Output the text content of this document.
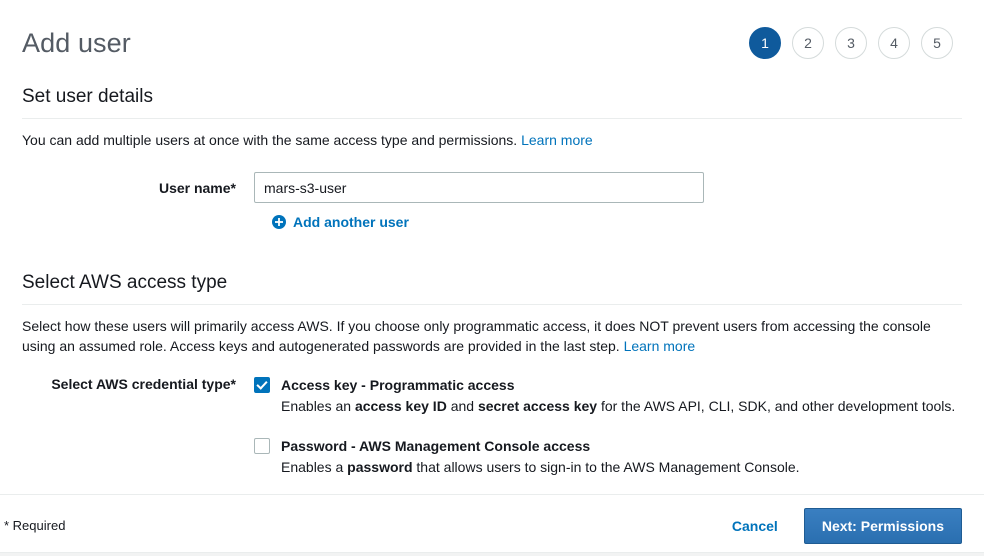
Add user	1	2	3	4	5
Set user details
You can add multiple users at once with the same access type and permissions. Learn more
User name*
mars-s3-user
Add another user
Select AWS access type
Select how these users will primarily access AWS. If you choose only programmatic access, it does NOT prevent users from accessing the console using an assumed role. Access keys and autogenerated passwords are provided in the last step. Learn more
Select AWS credential type*	Access key - Programmatic access
Enables an access key ID and secret access key for the AWS API, CLI, SDK, and other development tools.
Password - AWS Management Console access
Enables a password that allows users to sign-in to the AWS Management Console.
* Required	Cancel	Next: Permissions
